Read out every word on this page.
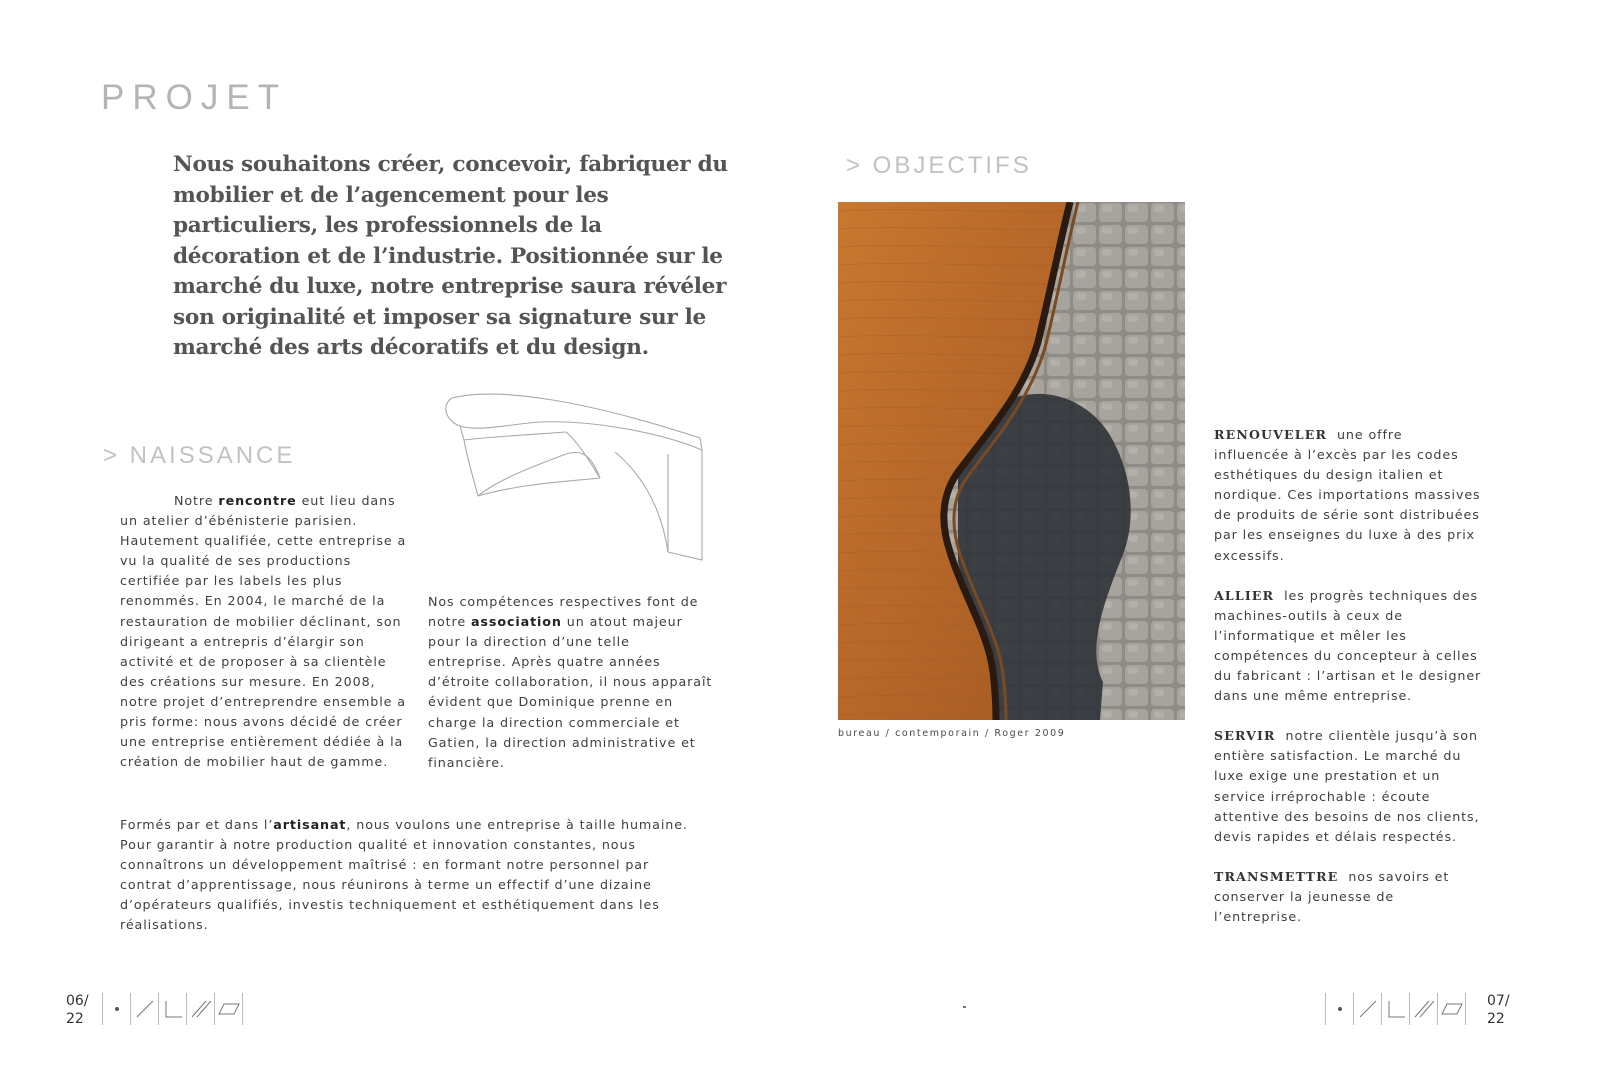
PROJET

Nous souhaitons créer, concevoir, fabriquer du mobilier et de l’agencement pour les particuliers, les professionnels de la décoration et de l’industrie. Positionnée sur le marché du luxe, notre entreprise saura révéler son originalité et imposer sa signature sur le marché des arts décoratifs et du design.

> NAISSANCE

Notre rencontre eut lieu dans un atelier d’ébénisterie parisien. Hautement qualifiée, cette entreprise a vu la qualité de ses productions certifiée par les labels les plus renommés. En 2004, le marché de la restauration de mobilier déclinant, son dirigeant a entrepris d’élargir son activité et de proposer à sa clientèle des créations sur mesure. En 2008, notre projet d’entreprendre ensemble a pris forme: nous avons décidé de créer une entreprise entièrement dédiée à la création de mobilier haut de gamme.

Nos compétences respectives font de notre association un atout majeur pour la direction d’une telle entreprise. Après quatre années d’étroite collaboration, il nous apparaît évident que Dominique prenne en charge la direction commerciale et Gatien, la direction administrative et financière.

Formés par et dans l’artisanat, nous voulons une entreprise à taille humaine. Pour garantir à notre production qualité et innovation constantes, nous connaîtrons un développement maîtrisé : en formant notre personnel par contrat d’apprentissage, nous réunirons à terme un effectif d’une dizaine d’opérateurs qualifiés, investis techniquement et esthétiquement dans les réalisations.

> OBJECTIFS
bureau / contemporain / Roger 2009

RENOUVELER une offre influencée à l’excès par les codes esthétiques du design italien et nordique. Ces importations massives de produits de série sont distribuées par les enseignes du luxe à des prix excessifs.

ALLIER les progrès techniques des machines-outils à ceux de l’informatique et mêler les compétences du concepteur à celles du fabricant : l’artisan et le designer dans une même entreprise.

SERVIR notre clientèle jusqu’à son entière satisfaction. Le marché du luxe exige une prestation et un service irréprochable : écoute attentive des besoins de nos clients, devis rapides et délais respectés.

TRANSMETTRE nos savoirs et conserver la jeunesse de l’entreprise.

06/
22
07/
22
